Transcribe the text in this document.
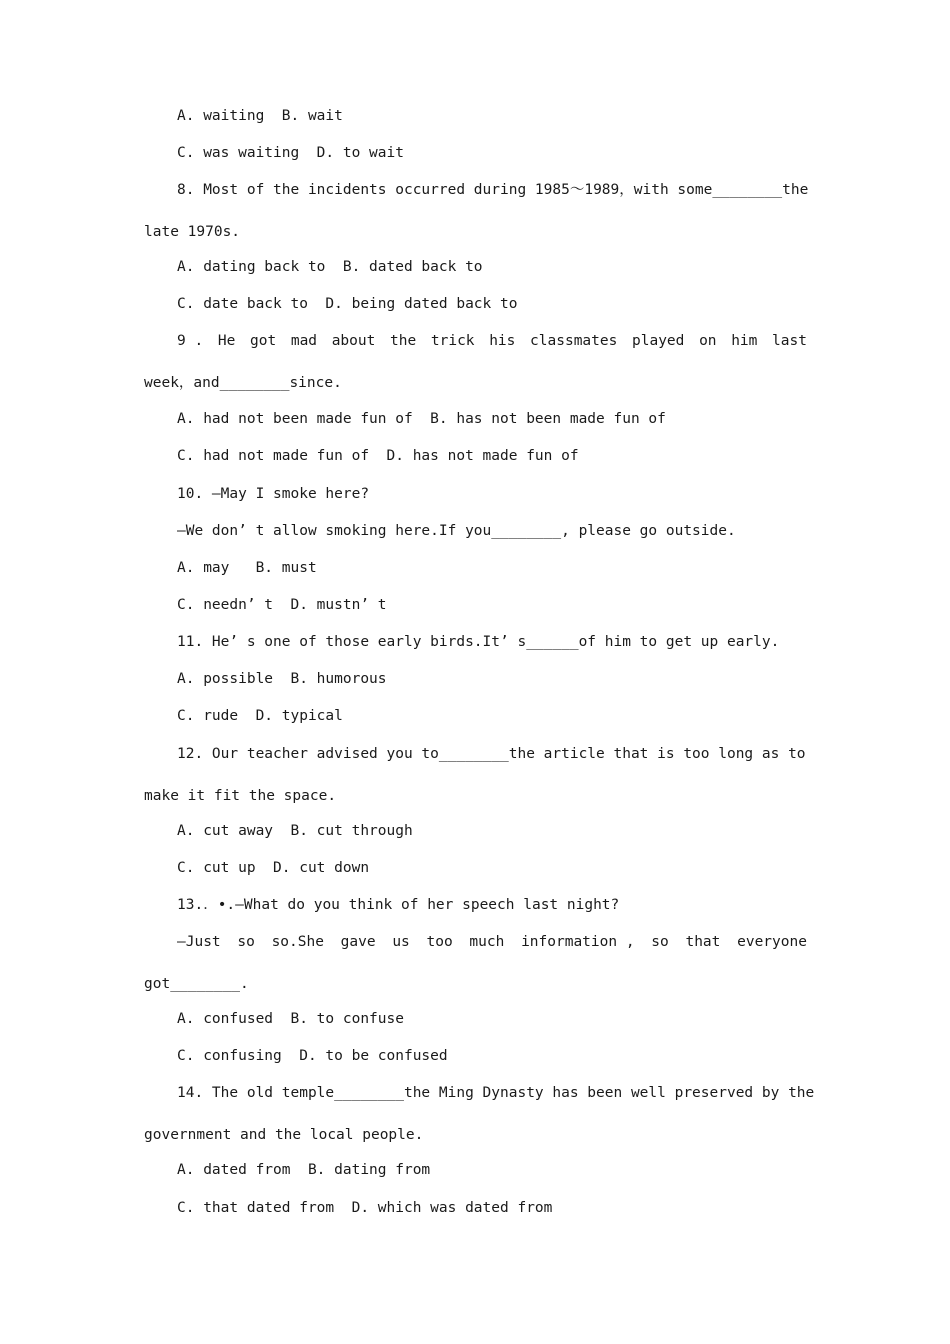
A. waiting  B. wait
C. was waiting  D. to wait
8. Most of the incidents occurred during 1985～1989，with some________the
late 1970s.
A. dating back to  B. dated back to
C. date back to  D. being dated back to
9 . He got mad about the trick his classmates played on him last
week，and________since.
A. had not been made fun of  B. has not been made fun of
C. had not made fun of  D. has not made fun of
10. —May I smoke here?
—We don’ t allow smoking here.If you________, please go outside.
A. may   B. must
C. needn’ t  D. mustn’ t
11. He’ s one of those early birds.It’ s______of him to get up early.
A. possible  B. humorous
C. rude  D. typical
12. Our teacher advised you to________the article that is too long as to
make it fit the space.
A. cut away  B. cut through
C. cut up  D. cut down
13.．•.—What do you think of her speech last night?
—Just so so.She gave us too much information , so that everyone
got________.
A. confused  B. to confuse
C. confusing  D. to be confused
14. The old temple________the Ming Dynasty has been well preserved by the
government and the local people.
A. dated from  B. dating from
C. that dated from  D. which was dated from
